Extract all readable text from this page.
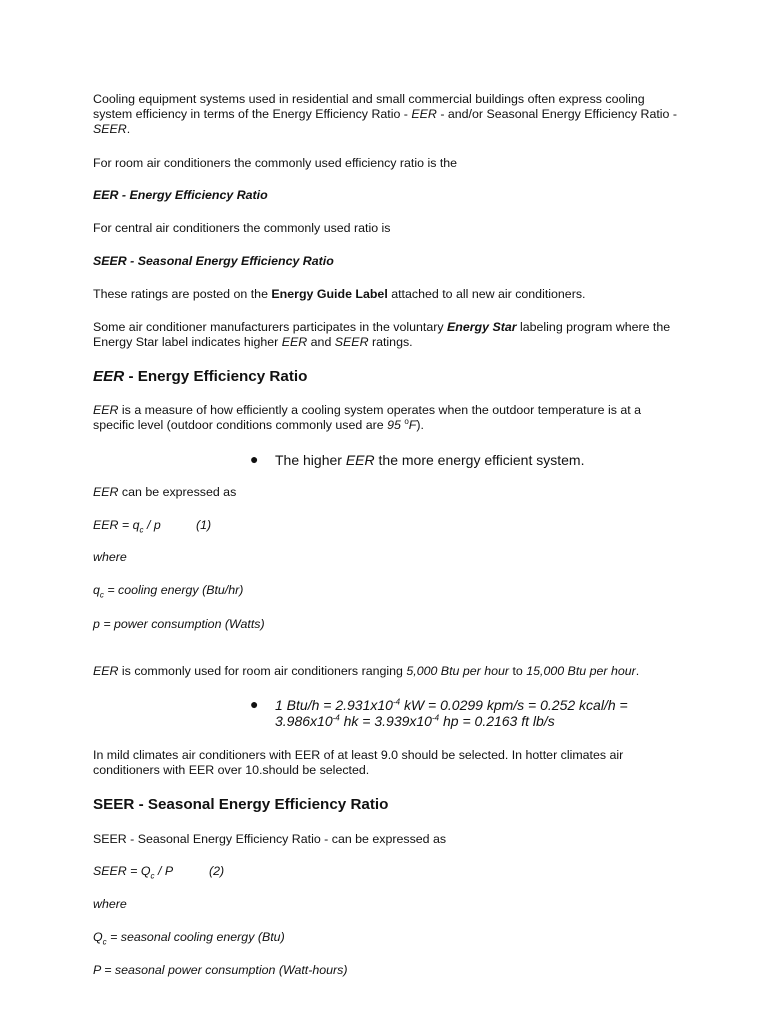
Cooling equipment systems used in residential and small commercial buildings often express cooling system efficiency in terms of the Energy Efficiency Ratio - EER - and/or Seasonal Energy Efficiency Ratio - SEER.

For room air conditioners the commonly used efficiency ratio is the

EER - Energy Efficiency Ratio

For central air conditioners the commonly used ratio is

SEER - Seasonal Energy Efficiency Ratio

These ratings are posted on the Energy Guide Label attached to all new air conditioners.

Some air conditioner manufacturers participates in the voluntary Energy Star labeling program where the Energy Star label indicates higher EER and SEER ratings.

EER - Energy Efficiency Ratio

EER is a measure of how efficiently a cooling system operates when the outdoor temperature is at a specific level (outdoor conditions commonly used are 95 $^o$F).

● The higher EER the more energy efficient system.

EER can be expressed as

EER = $q_c$ / p	(1)

where

$q_c$ = cooling energy (Btu/hr)

p = power consumption (Watts)

EER is commonly used for room air conditioners ranging 5,000 Btu per hour to 15,000 Btu per hour.

● 1 $Btu/h = 2.931x10^{-4}$ kW = 0.0299 kpm/s = 0.252 kcal/h =
$3.986x10^{-4}$ hk = $3.939x10^{-4}$ hp = 0.2163 ft lb/s

In mild climates air conditioners with EER of at least 9.0 should be selected. In hotter climates air conditioners with EER over 10.should be selected.

SEER - Seasonal Energy Efficiency Ratio

SEER - Seasonal Energy Efficiency Ratio - can be expressed as

SEER = $Q_c$ / P	(2)

where

$Q_c$ = seasonal cooling energy (Btu)

P = seasonal power consumption (Watt-hours)
